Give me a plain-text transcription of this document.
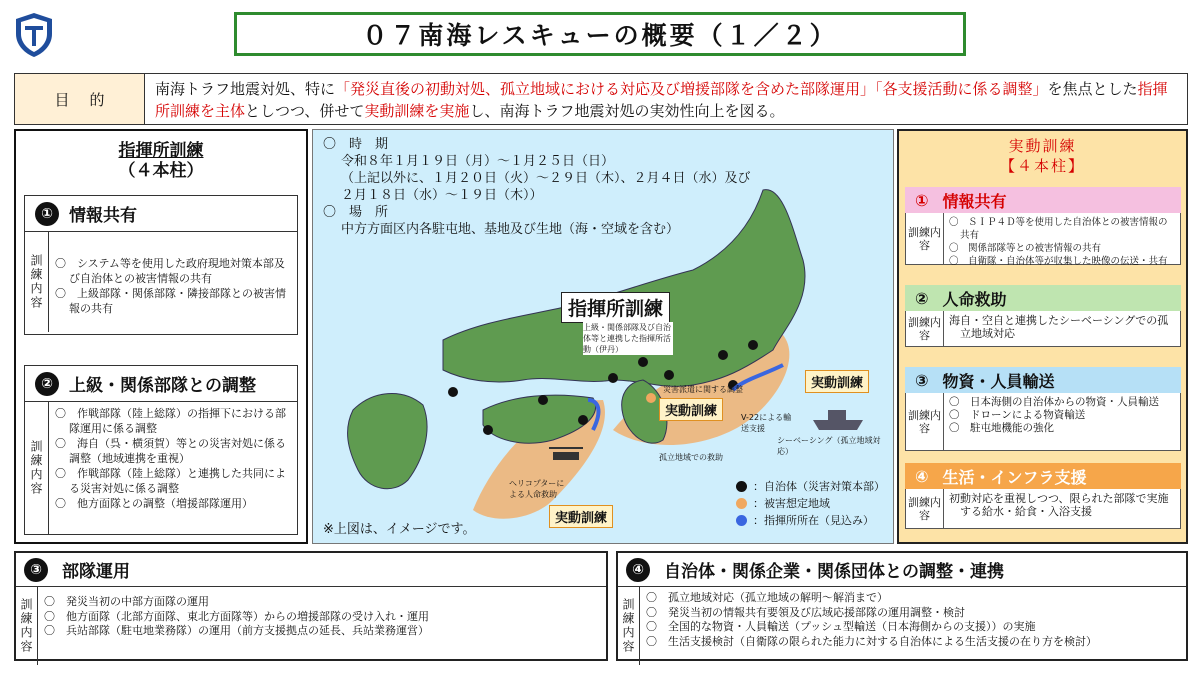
０７南海レスキューの概要（１／２）
目的
南海トラフ地震対処、特に「発災直後の初動対処、孤立地域における対応及び増援部隊を含めた部隊運用」「各支援活動に係る調整」を焦点とした指揮所訓練を主体としつつ、併せて実動訓練を実施し、南海トラフ地震対処の実効性向上を図る。
指揮所訓練
（４本柱）
① 情報共有
訓練内容	〇　システム等を使用した政府現地対策本部及び自治体との被害情報の共有
〇　上級部隊・関係部隊・隣接部隊との被害情報の共有
② 上級・関係部隊との調整
訓練内容
〇　作戦部隊（陸上総隊）の指揮下における部隊運用に係る調整
〇　海自（呉・横須賀）等との災害対処に係る調整（地域連携を重視）
〇　作戦部隊（陸上総隊）と連携した共同による災害対処に係る調整
〇　他方面隊との調整（増援部隊運用）
〇　時　期
令和８年１月１９日（月）～１月２５日（日）
（上記以外に、１月２０日（火）～２９日（木）、２月４日（水）及び
２月１８日（水）～１９日（木））
〇　場　所
中方方面区内各駐屯地、基地及び生地（海・空域を含む）
指揮所訓練
実動訓練
実動訓練
実動訓練
上級・関係部隊及び自治体等と連携した指揮所活動（伊丹）
災害派遣に関する調整
V-22による輸送支援
ヘリコプターによる人命救助
孤立地域での救助
シーベーシング（孤立地域対応）
：自治体（災害対策本部）
：被害想定地域
：指揮所所在（見込み）
※上図は、イメージです。
実動訓練
【４本柱】
① 情報共有
訓練内容
〇　ＳＩＰ４Ｄ等を使用した自治体との被害情報の共有
〇　関係部隊等との被害情報の共有
〇　自衛隊・自治体等が収集した映像の伝送・共有
② 人命救助
訓練内容
海自・空自と連携したシーベーシングでの孤立地域対応
③ 物資・人員輸送
訓練内容
〇　日本海側の自治体からの物資・人員輸送
〇　ドローンによる物資輸送
〇　駐屯地機能の強化
④ 生活・インフラ支援
訓練内容
初動対応を重視しつつ、限られた部隊で実施する給水・給食・入浴支援
③	部隊運用
訓練内容	〇　発災当初の中部方面隊の運用
〇　他方面隊（北部方面隊、東北方面隊等）からの増援部隊の受け入れ・運用
〇　兵站部隊（駐屯地業務隊）の運用（前方支援拠点の延長、兵站業務運営）
④	自治体・関係企業・関係団体との調整・連携
訓練内容
〇　孤立地域対応（孤立地域の解明～解消まで）
〇　発災当初の情報共有要領及び広域応援部隊の運用調整・検討
〇　全国的な物資・人員輸送（プッシュ型輸送（日本海側からの支援））の実施
〇　生活支援検討（自衛隊の限られた能力に対する自治体による生活支援の在り方を検討）
